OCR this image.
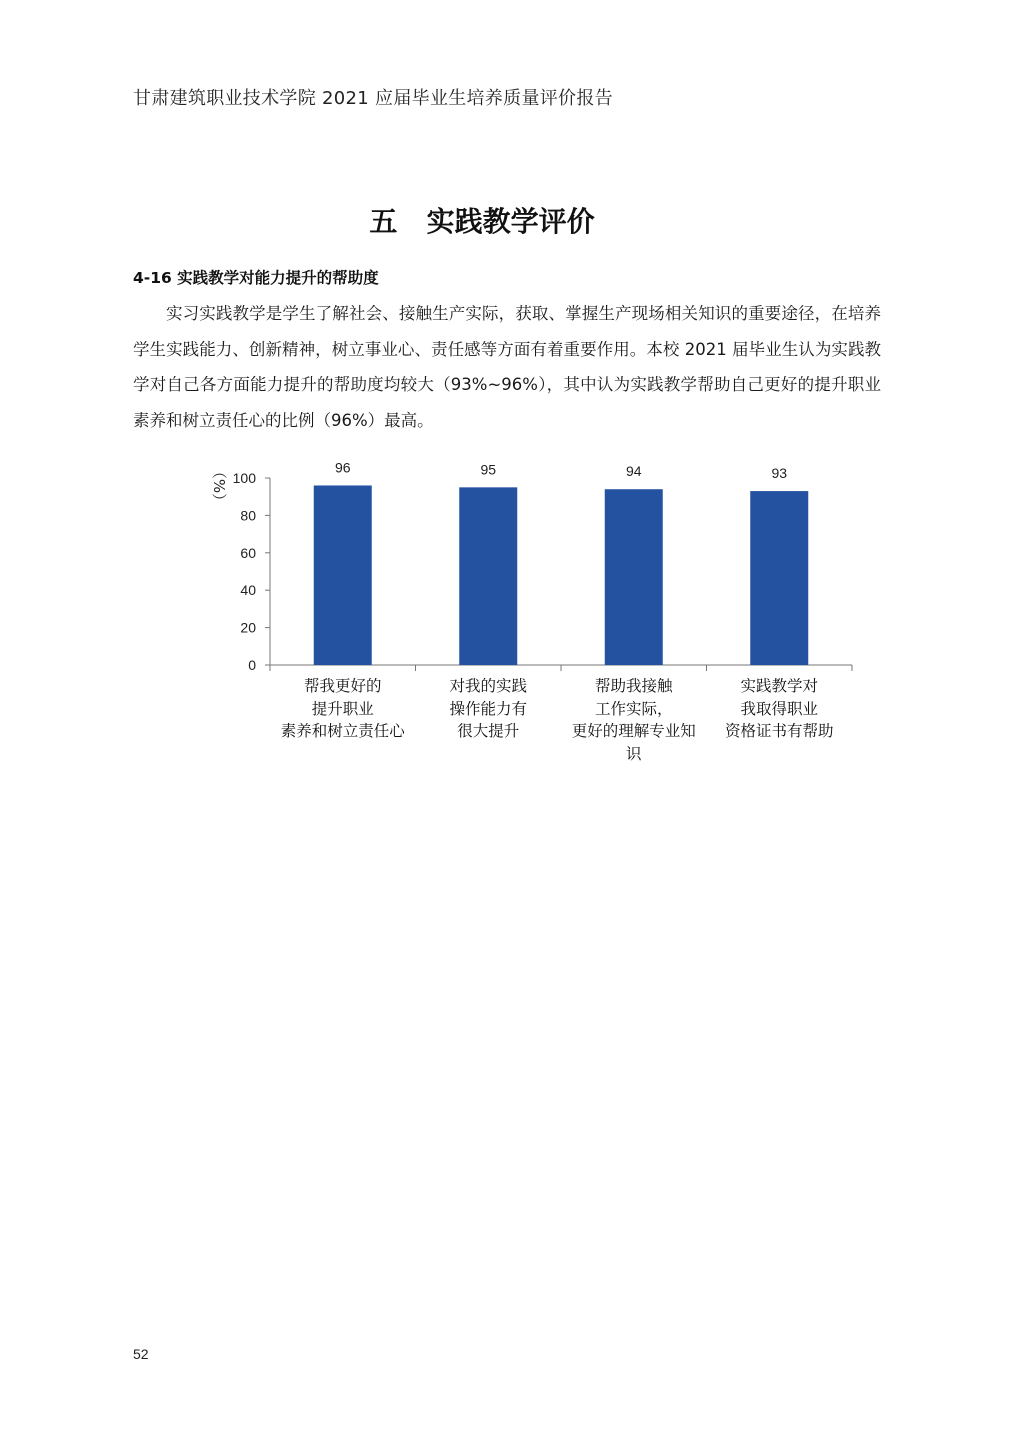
甘肃建筑职业技术学院 2021 应届毕业生培养质量评价报告
五   实践教学评价
4-16 实践教学对能力提升的帮助度
实习实践教学是学生了解社会、接触生产实际，获取、掌握生产现场相关知识的重要途径，在培养学生实践能力、创新精神，树立事业心、责任感等方面有着重要作用。本校 2021 届毕业生认为实践教学对自己各方面能力提升的帮助度均较大（93%~96%），其中认为实践教学帮助自己更好的提升职业素养和树立责任心的比例（96%）最高。
0
20
40
60
80
100
（%）	96	95	94	93
帮我更好的
提升职业
素养和树立责任心
对我的实践
操作能力有
很大提升
帮助我接触
工作实际，
更好的理解专业知
识
实践教学对
我取得职业
资格证书有帮助
52
